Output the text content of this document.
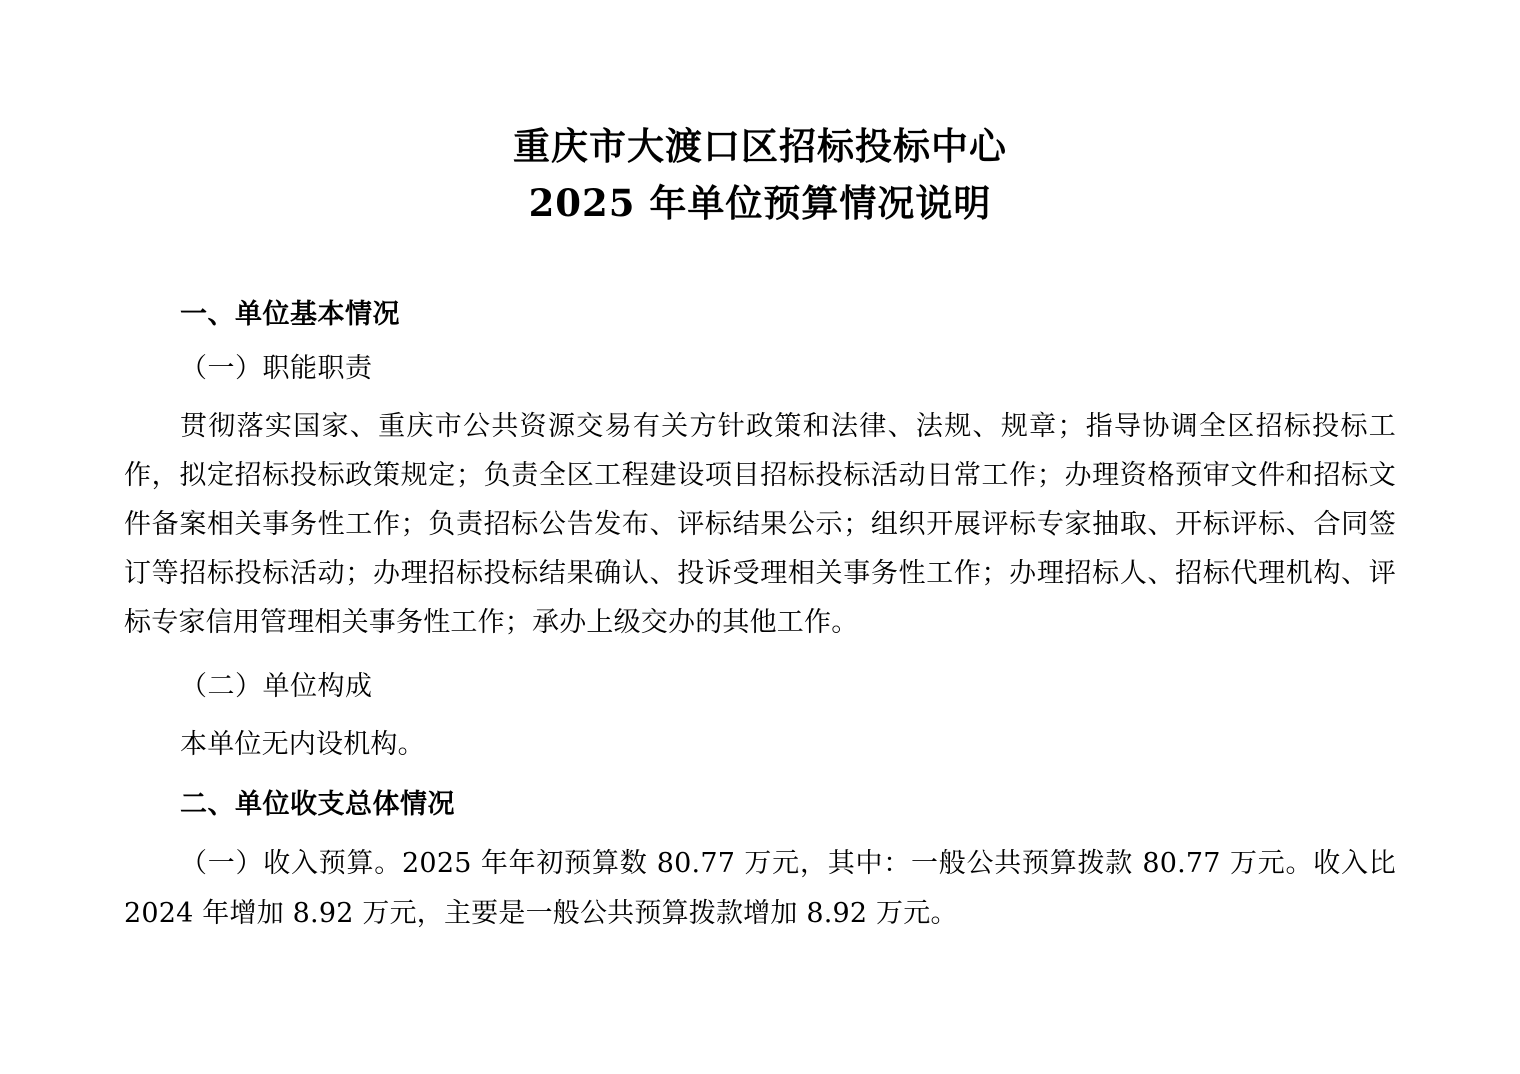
重庆市大渡口区招标投标中心
2025 年单位预算情况说明
一、单位基本情况

（一）职能职责

贯彻落实国家、重庆市公共资源交易有关方针政策和法律、法规、规章；指导协调全区招标投标工作，拟定招标投标政策规定；负责全区工程建设项目招标投标活动日常工作；办理资格预审文件和招标文件备案相关事务性工作；负责招标公告发布、评标结果公示；组织开展评标专家抽取、开标评标、合同签订等招标投标活动；办理招标投标结果确认、投诉受理相关事务性工作；办理招标人、招标代理机构、评标专家信用管理相关事务性工作；承办上级交办的其他工作。

（二）单位构成

本单位无内设机构。

二、单位收支总体情况

（一）收入预算。2025 年年初预算数 80.77 万元，其中：一般公共预算拨款 80.77 万元。收入比 2024 年增加 8.92 万元，主要是一般公共预算拨款增加 8.92 万元。
